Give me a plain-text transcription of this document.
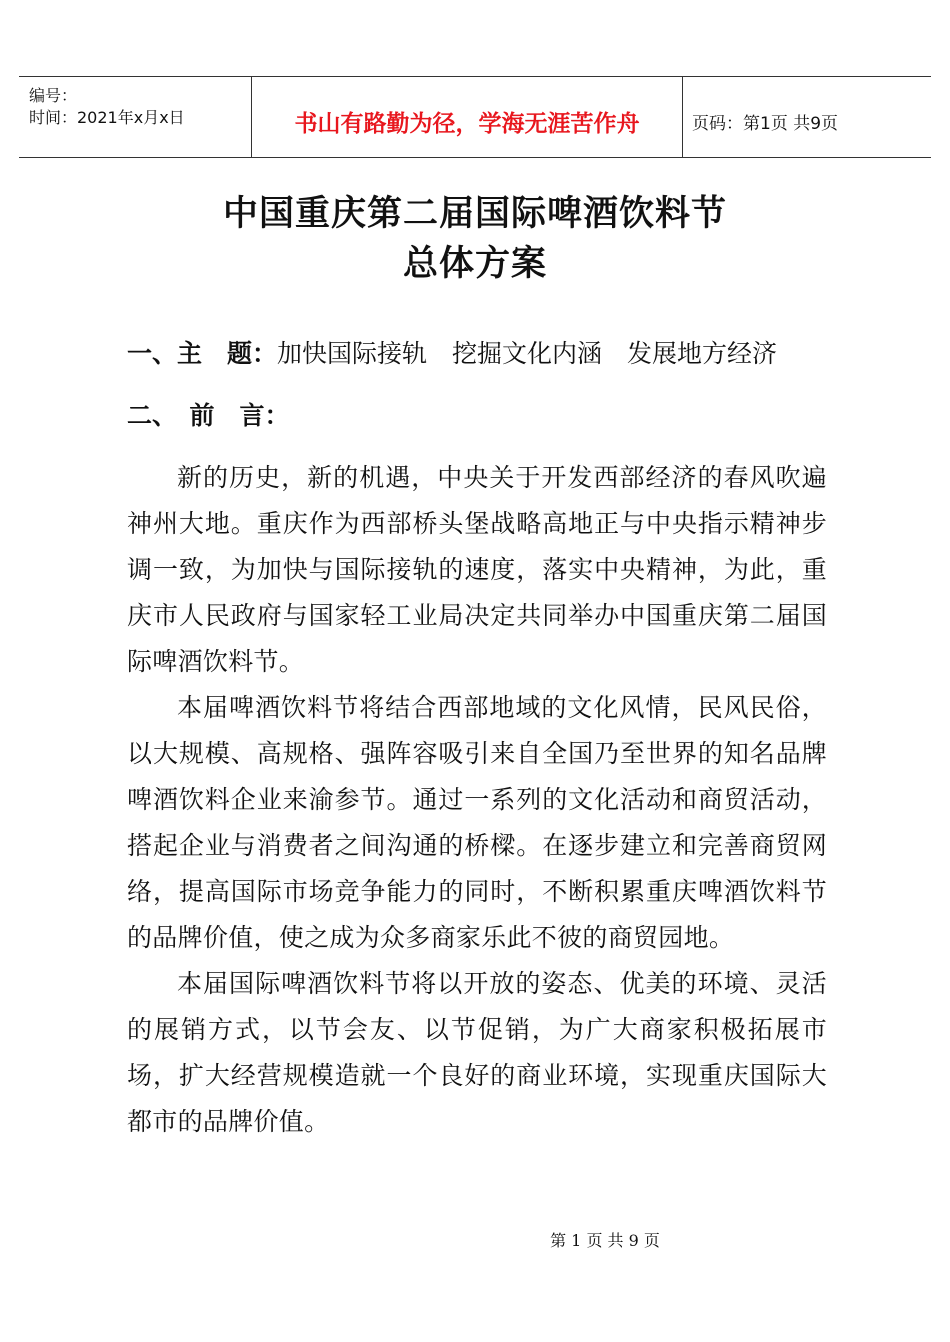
编号：
时间：2021年x月x日	书山有路勤为径，学海无涯苦作舟	页码：第1页 共9页
中国重庆第二届国际啤酒饮料节
总体方案
一、主　题：加快国际接轨　挖掘文化内涵　发展地方经济
二、　前　言：
新的历史，新的机遇，中央关于开发西部经济的春风吹遍神州大地。重庆作为西部桥头堡战略高地正与中央指示精神步调一致，为加快与国际接轨的速度，落实中央精神，为此，重庆市人民政府与国家轻工业局决定共同举办中国重庆第二届国际啤酒饮料节。
本届啤酒饮料节将结合西部地域的文化风情，民风民俗，以大规模、高规格、强阵容吸引来自全国乃至世界的知名品牌啤酒饮料企业来渝参节。通过一系列的文化活动和商贸活动，搭起企业与消费者之间沟通的桥樑。在逐步建立和完善商贸网络，提高国际市场竞争能力的同时，不断积累重庆啤酒饮料节的品牌价值，使之成为众多商家乐此不彼的商贸园地。
本届国际啤酒饮料节将以开放的姿态、优美的环境、灵活的展销方式，以节会友、以节促销，为广大商家积极拓展市场，扩大经营规模造就一个良好的商业环境，实现重庆国际大都市的品牌价值。
第 1 页 共 9 页
